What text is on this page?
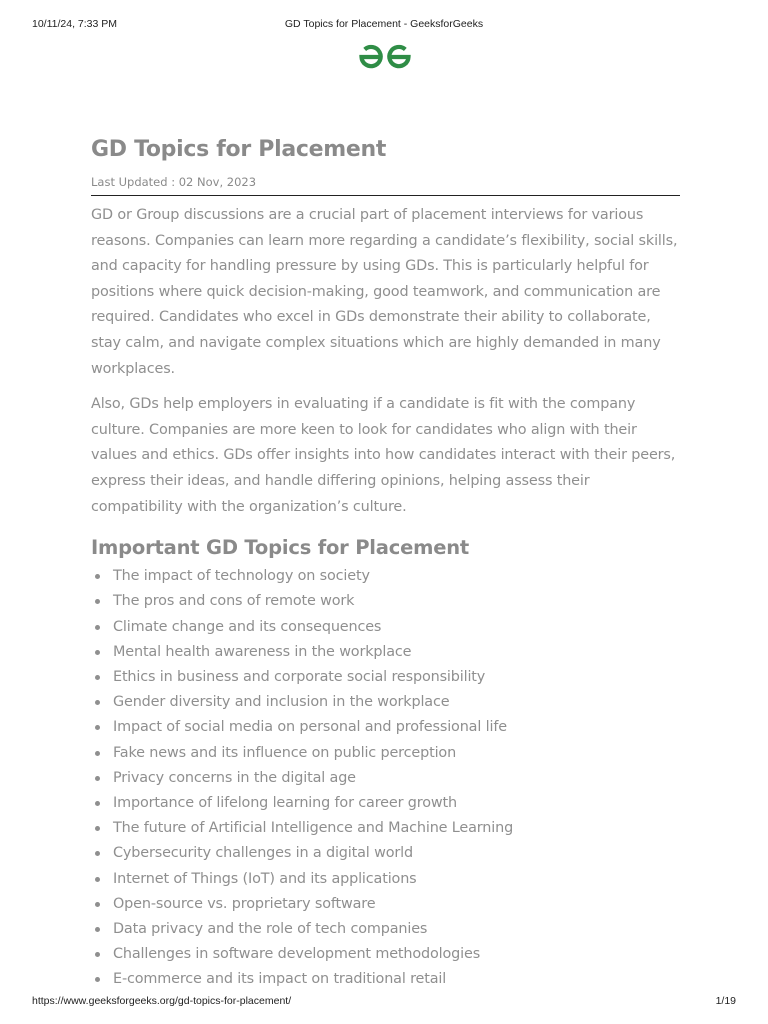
10/11/24, 7:33 PM	GD Topics for Placement - GeeksforGeeks
GD Topics for Placement
Last Updated : 02 Nov, 2023

GD or Group discussions are a crucial part of placement interviews for various reasons. Companies can learn more regarding a candidate’s flexibility, social skills, and capacity for handling pressure by using GDs. This is particularly helpful for positions where quick decision-making, good teamwork, and communication are required. Candidates who excel in GDs demonstrate their ability to collaborate, stay calm, and navigate complex situations which are highly demanded in many workplaces.

Also, GDs help employers in evaluating if a candidate is fit with the company culture. Companies are more keen to look for candidates who align with their values and ethics. GDs offer insights into how candidates interact with their peers, express their ideas, and handle differing opinions, helping assess their compatibility with the organization’s culture.

Important GD Topics for Placement
The impact of technology on society
The pros and cons of remote work
Climate change and its consequences
Mental health awareness in the workplace
Ethics in business and corporate social responsibility
Gender diversity and inclusion in the workplace
Impact of social media on personal and professional life
Fake news and its influence on public perception
Privacy concerns in the digital age
Importance of lifelong learning for career growth
The future of Artificial Intelligence and Machine Learning
Cybersecurity challenges in a digital world
Internet of Things (IoT) and its applications
Open-source vs. proprietary software
Data privacy and the role of tech companies
Challenges in software development methodologies
E-commerce and its impact on traditional retail
https://www.geeksforgeeks.org/gd-topics-for-placement/	1/19
